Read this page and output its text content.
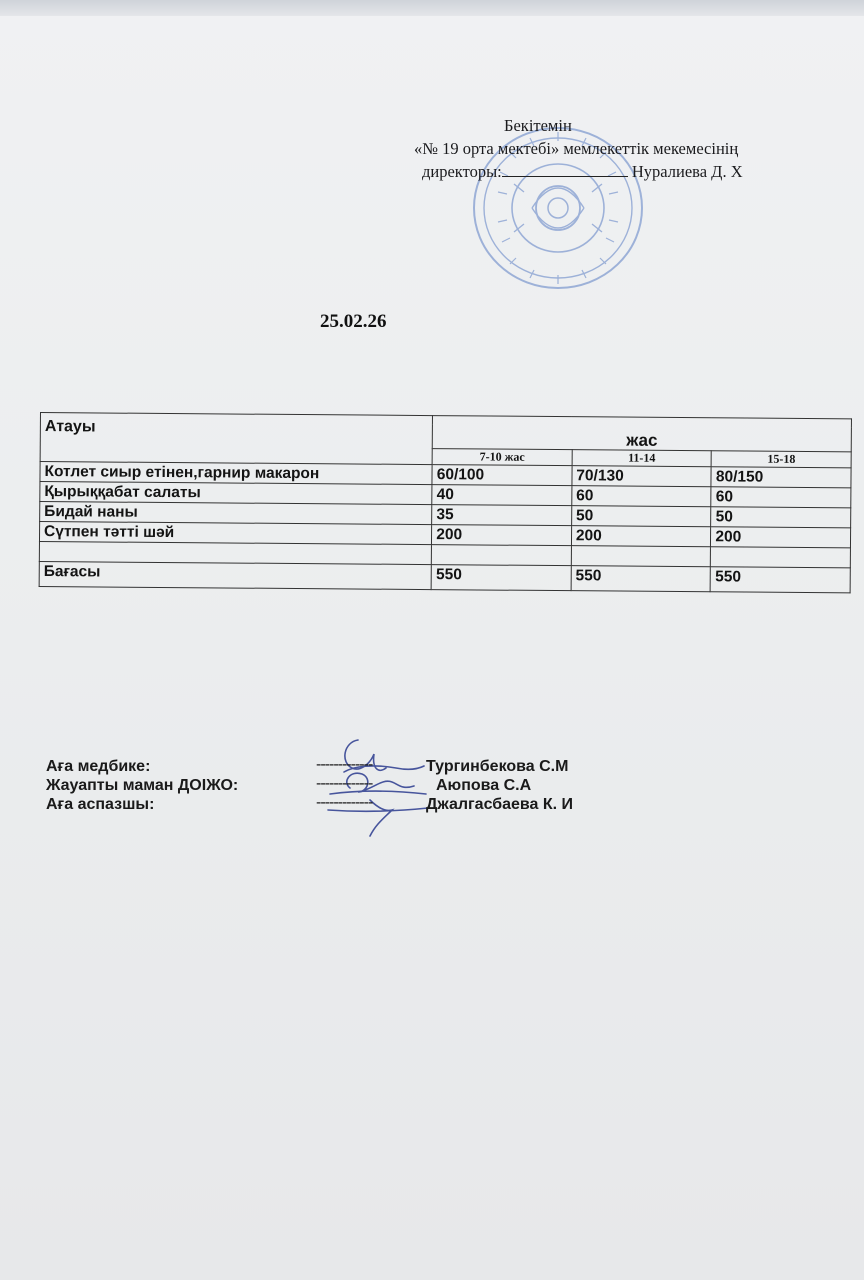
Бекітемін
«№ 19 орта мектебі» мемлекеттік мекемесінің
директоры:	Нуралиева Д. Х
25.02.26
Атауы			
	жас		
	7-10 жас	11-14	15-18
Котлет сиыр етінен,гарнир макарон	60/100	70/130	80/150
Қырыққабат салаты	40	60	60
Бидай наны	35	50	50
Сүтпен тәтті шәй	200	200	200

Бағасы	550	550	550
Аға медбике:	-------------	Тургинбекова С.М
Жауапты маман ДОІЖО:	-------------	Аюпова С.А
Аға аспазшы:	-------------	Джалгасбаева К. И
